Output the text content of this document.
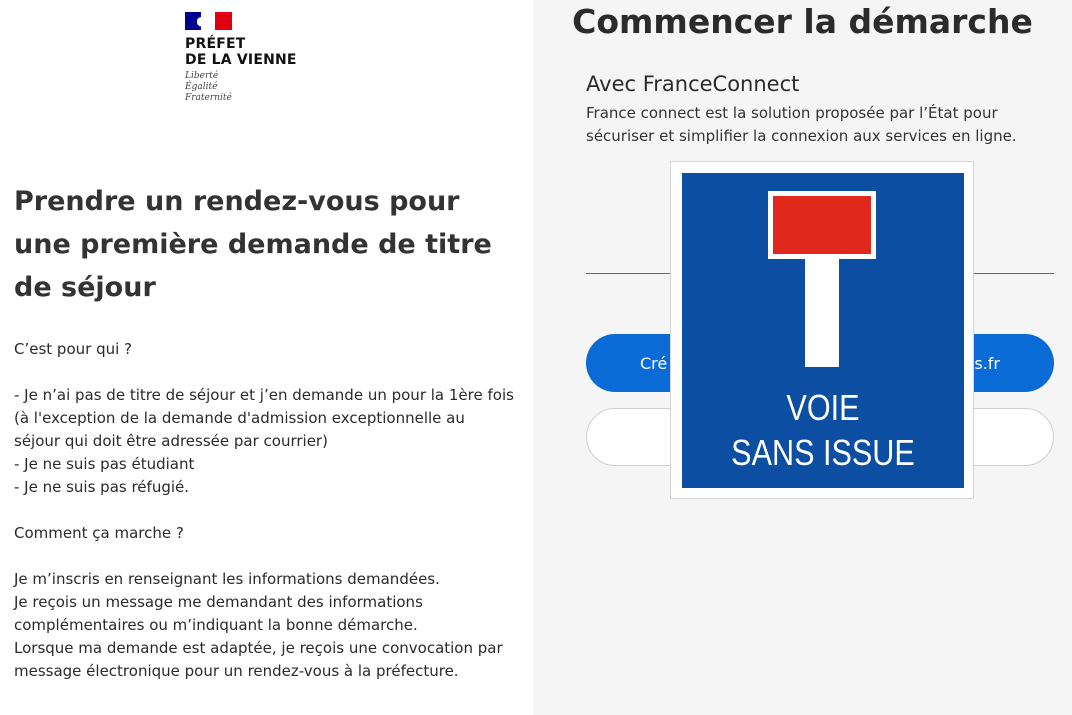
PRÉFET
DE LA VIENNE
Liberté
Égalité
Fraternité
Prendre un rendez-vous pour une première demande de titre de séjour

C’est pour qui ?

- Je n’ai pas de titre de séjour et j’en demande un pour la 1ère fois (à l'exception de la demande d'admission exceptionnelle au séjour qui doit être adressée par courrier)

- Je ne suis pas étudiant

- Je ne suis pas réfugié.

Comment ça marche ?

Je m’inscris en renseignant les informations demandées.

Je reçois un message me demandant des informations complémentaires ou m’indiquant la bonne démarche.

Lorsque ma demande est adaptée, je reçois une convocation par message électronique pour un rendez-vous à la préfecture.

Commencer la démarche
Avec FranceConnect
France connect est la solution proposée par l’État pour sécuriser et simplifier la connexion aux services en ligne.
Cré	s.fr
VOIE
SANS ISSUE
